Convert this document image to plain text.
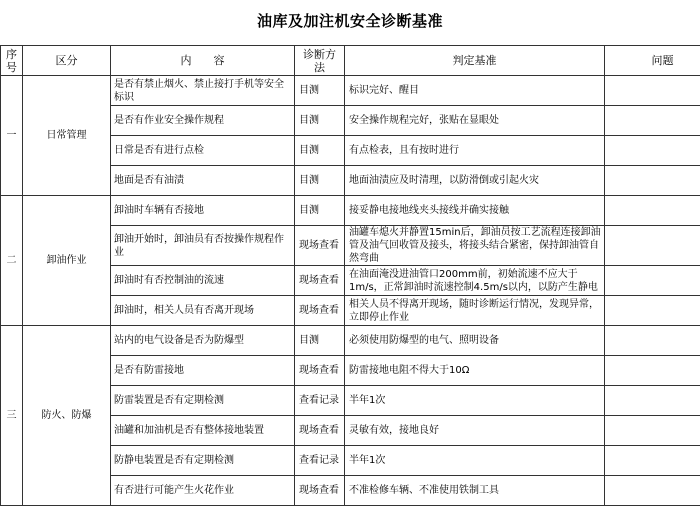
油库及加注机安全诊断基准
序号	区分	内　　容	诊断方法	判定基准	问题
一	日常管理	是否有禁止烟火、禁止接打手机等安全标识	目测	标识完好、醒目	
		是否有作业安全操作规程	目测	安全操作规程完好，张贴在显眼处	
		日常是否有进行点检	目测	有点检表，且有按时进行	
		地面是否有油渍	目测	地面油渍应及时清理，以防滑倒或引起火灾	
二	卸油作业	卸油时车辆有否接地	目测	接妥静电接地线夹头接线并确实接触	
		卸油开始时，卸油员有否按操作规程作业	现场查看	油罐车熄火并静置15min后，卸油员按工艺流程连接卸油管及油气回收管及接头，将接头结合紧密，保持卸油管自然弯曲	
		卸油时有否控制油的流速	现场查看	在油面淹没进油管口200mm前，初始流速不应大于1m/s，正常卸油时流速控制4.5m/s以内，以防产生静电	
		卸油时，相关人员有否离开现场	现场查看	相关人员不得离开现场，随时诊断运行情况，发现异常，立即停止作业	
三	防火、防爆	站内的电气设备是否为防爆型	目测	必须使用防爆型的电气、照明设备	
		是否有防雷接地	现场查看	防雷接地电阻不得大于10Ω	
		防雷装置是否有定期检测	查看记录	半年1次	
		油罐和加油机是否有整体接地装置	现场查看	灵敏有效，接地良好	
		防静电装置是否有定期检测	查看记录	半年1次	
		有否进行可能产生火花作业	现场查看	不准检修车辆、不准使用铁制工具	
